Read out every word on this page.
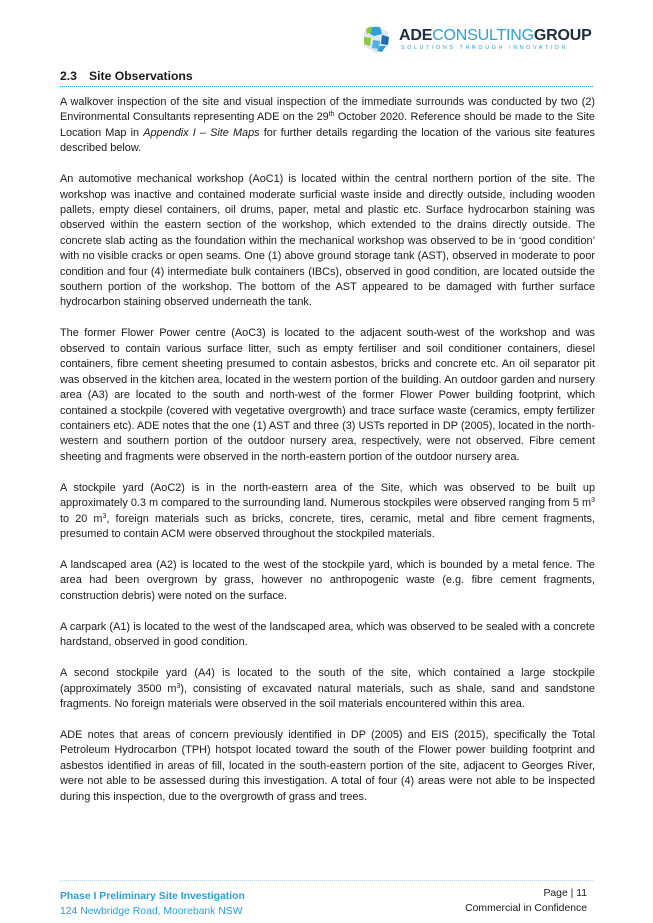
ADECONSULTINGGROUP
SOLUTIONS THROUGH INNOVATION
2.3 Site Observations

A walkover inspection of the site and visual inspection of the immediate surrounds was conducted by two (2) Environmental Consultants representing ADE on the 29th October 2020. Reference should be made to the Site Location Map in Appendix I – Site Maps for further details regarding the location of the various site features described below.

An automotive mechanical workshop (AoC1) is located within the central northern portion of the site. The workshop was inactive and contained moderate surficial waste inside and directly outside, including wooden pallets, empty diesel containers, oil drums, paper, metal and plastic etc. Surface hydrocarbon staining was observed within the eastern section of the workshop, which extended to the drains directly outside. The concrete slab acting as the foundation within the mechanical workshop was observed to be in ‘good condition’ with no visible cracks or open seams. One (1) above ground storage tank (AST), observed in moderate to poor condition and four (4) intermediate bulk containers (IBCs), observed in good condition, are located outside the southern portion of the workshop. The bottom of the AST appeared to be damaged with further surface hydrocarbon staining observed underneath the tank.

The former Flower Power centre (AoC3) is located to the adjacent south-west of the workshop and was observed to contain various surface litter, such as empty fertiliser and soil conditioner containers, diesel containers, fibre cement sheeting presumed to contain asbestos, bricks and concrete etc. An oil separator pit was observed in the kitchen area, located in the western portion of the building. An outdoor garden and nursery area (A3) are located to the south and north-west of the former Flower Power building footprint, which contained a stockpile (covered with vegetative overgrowth) and trace surface waste (ceramics, empty fertilizer containers etc). ADE notes that the one (1) AST and three (3) USTs reported in DP (2005), located in the north-western and southern portion of the outdoor nursery area, respectively, were not observed. Fibre cement sheeting and fragments were observed in the north-eastern portion of the outdoor nursery area.

A stockpile yard (AoC2) is in the north-eastern area of the Site, which was observed to be built up approximately 0.3 m compared to the surrounding land. Numerous stockpiles were observed ranging from 5 $m^3$ to 20 $m^3$, foreign materials such as bricks, concrete, tires, ceramic, metal and fibre cement fragments, presumed to contain ACM were observed throughout the stockpiled materials.

A landscaped area (A2) is located to the west of the stockpile yard, which is bounded by a metal fence. The area had been overgrown by grass, however no anthropogenic waste (e.g. fibre cement fragments, construction debris) were noted on the surface.

A carpark (A1) is located to the west of the landscaped area, which was observed to be sealed with a concrete hardstand, observed in good condition.

A second stockpile yard (A4) is located to the south of the site, which contained a large stockpile (approximately 3500 $m^3$), consisting of excavated natural materials, such as shale, sand and sandstone fragments. No foreign materials were observed in the soil materials encountered within this area.

ADE notes that areas of concern previously identified in DP (2005) and EIS (2015), specifically the Total Petroleum Hydrocarbon (TPH) hotspot located toward the south of the Flower power building footprint and asbestos identified in areas of fill, located in the south-eastern portion of the site, adjacent to Georges River, were not able to be assessed during this investigation. A total of four (4) areas were not able to be inspected during this inspection, due to the overgrowth of grass and trees.

Phase I Preliminary Site Investigation
124 Newbridge Road, Moorebank NSW
Page | 11
Commercial in Confidence
